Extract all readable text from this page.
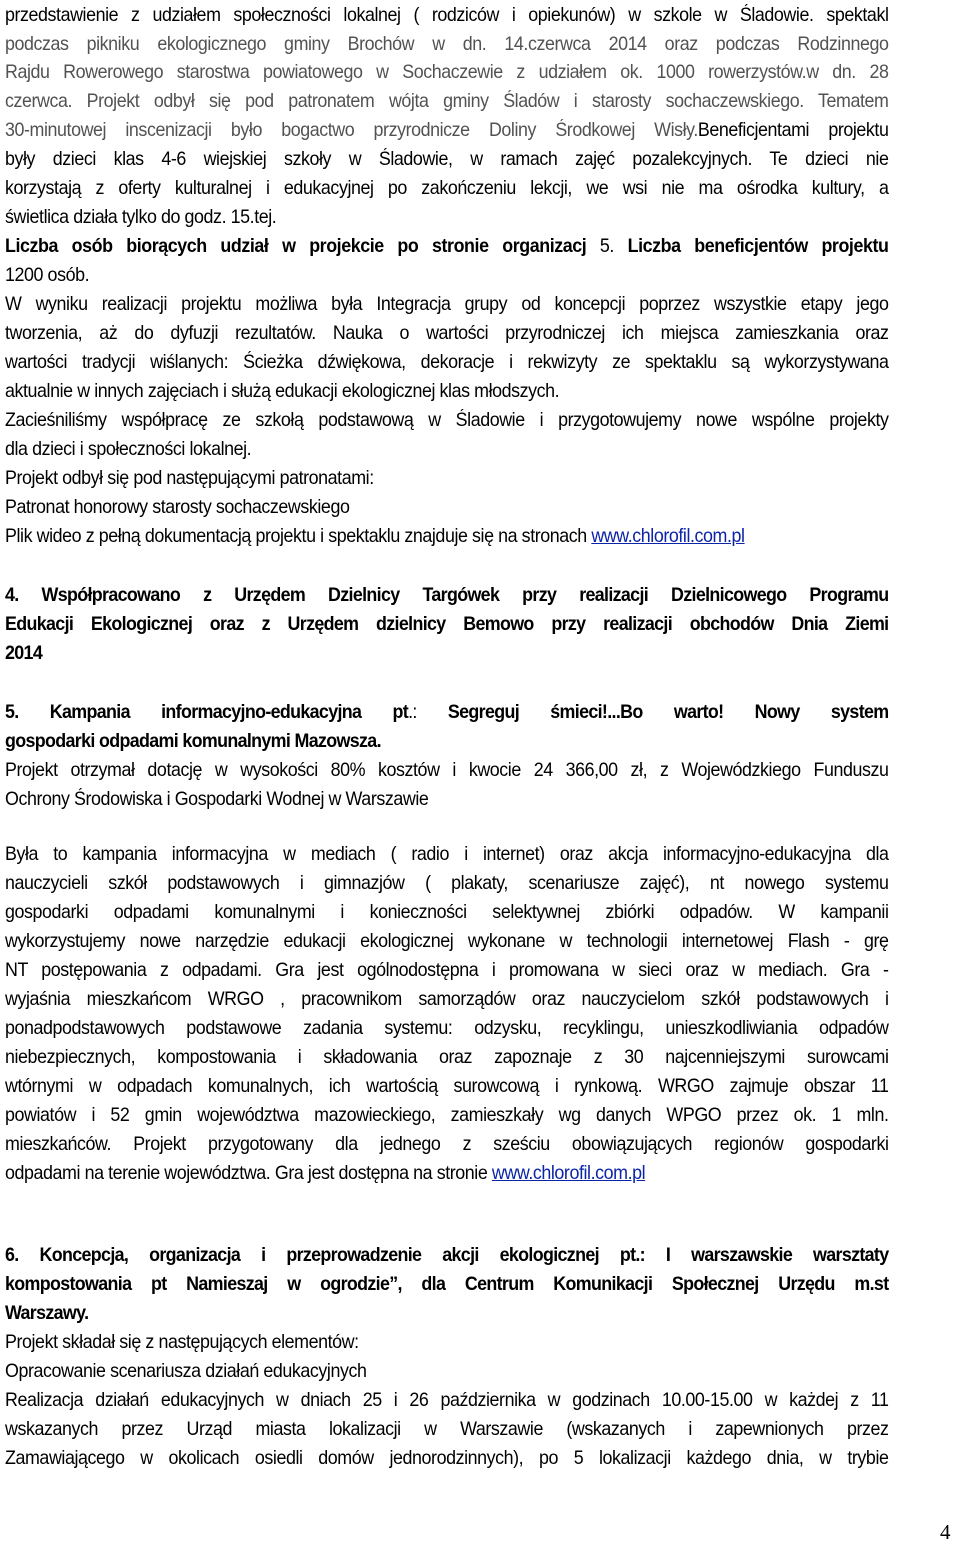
przedstawienie z udziałem społeczności lokalnej ( rodziców i opiekunów) w szkole w Śladowie. spektakl

podczas pikniku ekologicznego gminy Brochów w dn. 14.czerwca 2014 oraz podczas Rodzinnego

Rajdu Rowerowego starostwa powiatowego w Sochaczewie z udziałem ok. 1000 rowerzystów.w dn. 28

czerwca. Projekt odbył się pod patronatem wójta gminy Śladów i starosty sochaczewskiego. Tematem

30-minutowej inscenizacji było bogactwo przyrodnicze Doliny Środkowej Wisły.Beneficjentami projektu

były dzieci klas 4-6 wiejskiej szkoły w Śladowie, w ramach zajęć pozalekcyjnych. Te dzieci nie

korzystają z oferty kulturalnej i edukacyjnej po zakończeniu lekcji, we wsi nie ma ośrodka kultury, a

świetlica działa tylko do godz. 15.tej.

Liczba osób biorących udział w projekcie po stronie organizacj 5. Liczba beneficjentów projektu

1200 osób.

W wyniku realizacji projektu możliwa była Integracja grupy od koncepcji poprzez wszystkie etapy jego

tworzenia, aż do dyfuzji rezultatów. Nauka o wartości przyrodniczej ich miejsca zamieszkania oraz

wartości tradycji wiślanych: Ścieżka dźwiękowa, dekoracje i rekwizyty ze spektaklu są wykorzystywana

aktualnie w innych zajęciach i służą edukacji ekologicznej klas młodszych.

Zacieśniliśmy współpracę ze szkołą podstawową w Śladowie i przygotowujemy nowe wspólne projekty

dla dzieci i społeczności lokalnej.

Projekt odbył się pod następującymi patronatami:

Patronat honorowy starosty sochaczewskiego

Plik wideo z pełną dokumentacją projektu i spektaklu znajduje się na stronach www.chlorofil.com.pl

4. Współpracowano z Urzędem Dzielnicy Targówek przy realizacji Dzielnicowego Programu

Edukacji Ekologicznej oraz z Urzędem dzielnicy Bemowo przy realizacji obchodów Dnia Ziemi

2014

5. Kampania informacyjno-edukacyjna pt.: Segreguj śmieci!...Bo warto! Nowy system

gospodarki odpadami komunalnymi Mazowsza.

Projekt otrzymał dotację w wysokości 80% kosztów i kwocie 24 366,00 zł, z Wojewódzkiego Funduszu

Ochrony Środowiska i Gospodarki Wodnej w Warszawie

Była to kampania informacyjna w mediach ( radio i internet) oraz akcja informacyjno-edukacyjna dla

nauczycieli szkół podstawowych i gimnazjów ( plakaty, scenariusze zajęć), nt nowego systemu

gospodarki odpadami komunalnymi i konieczności selektywnej zbiórki odpadów. W kampanii

wykorzystujemy nowe narzędzie edukacji ekologicznej wykonane w technologii internetowej Flash - grę

NT postępowania z odpadami. Gra jest ogólnodostępna i promowana w sieci oraz w mediach. Gra -

wyjaśnia mieszkańcom WRGO , pracownikom samorządów oraz nauczycielom szkół podstawowych i

ponadpodstawowych podstawowe zadania systemu: odzysku, recyklingu, unieszkodliwiania odpadów

niebezpiecznych, kompostowania i składowania oraz zapoznaje z 30 najcenniejszymi surowcami

wtórnymi w odpadach komunalnych, ich wartością surowcową i rynkową. WRGO zajmuje obszar 11

powiatów i 52 gmin województwa mazowieckiego, zamieszkały wg danych WPGO przez ok. 1 mln.

mieszkańców. Projekt przygotowany dla jednego z sześciu obowiązujących regionów gospodarki

odpadami na terenie województwa. Gra jest dostępna na stronie www.chlorofil.com.pl

6. Koncepcja, organizacja i przeprowadzenie akcji ekologicznej pt.: I warszawskie warsztaty

kompostowania pt Namieszaj w ogrodzie”, dla Centrum Komunikacji Społecznej Urzędu m.st

Warszawy.

Projekt składał się z następujących elementów:

Opracowanie scenariusza działań edukacyjnych

Realizacja działań edukacyjnych w dniach 25 i 26 października w godzinach 10.00-15.00 w każdej z 11

wskazanych przez Urząd miasta lokalizacji w Warszawie (wskazanych i zapewnionych przez

Zamawiającego w okolicach osiedli domów jednorodzinnych), po 5 lokalizacji każdego dnia, w trybie

4
